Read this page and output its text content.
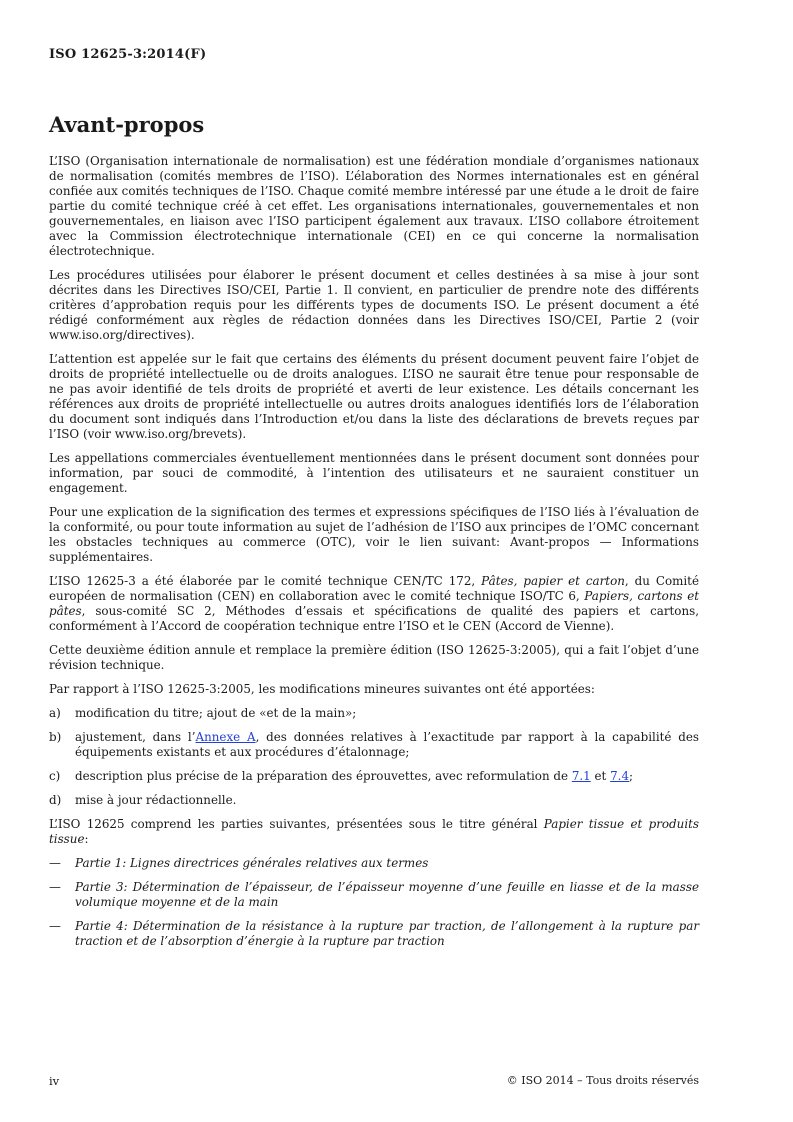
ISO 12625-3:2014(F)
Avant-propos

L’ISO (Organisation internationale de normalisation) est une fédération mondiale d’organismes nationaux de normalisation (comités membres de l’ISO). L’élaboration des Normes internationales est en général confiée aux comités techniques de l’ISO. Chaque comité membre intéressé par une étude a le droit de faire partie du comité technique créé à cet effet. Les organisations internationales, gouvernementales et non gouvernementales, en liaison avec l’ISO participent également aux travaux. L’ISO collabore étroitement avec la Commission électrotechnique internationale (CEI) en ce qui concerne la normalisation électrotechnique.

Les procédures utilisées pour élaborer le présent document et celles destinées à sa mise à jour sont décrites dans les Directives ISO/CEI, Partie 1. Il convient, en particulier de prendre note des différents critères d’approbation requis pour les différents types de documents ISO. Le présent document a été rédigé conformément aux règles de rédaction données dans les Directives ISO/CEI, Partie 2 (voir www.iso.org/directives).

L’attention est appelée sur le fait que certains des éléments du présent document peuvent faire l’objet de droits de propriété intellectuelle ou de droits analogues. L’ISO ne saurait être tenue pour responsable de ne pas avoir identifié de tels droits de propriété et averti de leur existence. Les détails concernant les références aux droits de propriété intellectuelle ou autres droits analogues identifiés lors de l’élaboration du document sont indiqués dans l’Introduction et/ou dans la liste des déclarations de brevets reçues par l’ISO (voir www.iso.org/brevets).

Les appellations commerciales éventuellement mentionnées dans le présent document sont données pour information, par souci de commodité, à l’intention des utilisateurs et ne sauraient constituer un engagement.

Pour une explication de la signification des termes et expressions spécifiques de l’ISO liés à l’évaluation de la conformité, ou pour toute information au sujet de l’adhésion de l’ISO aux principes de l’OMC concernant les obstacles techniques au commerce (OTC), voir le lien suivant: Avant-propos — Informations supplémentaires.

L’ISO 12625-3 a été élaborée par le comité technique CEN/TC 172, Pâtes, papier et carton, du Comité européen de normalisation (CEN) en collaboration avec le comité technique ISO/TC 6, Papiers, cartons et pâtes, sous-comité SC 2, Méthodes d’essais et spécifications de qualité des papiers et cartons, conformément à l’Accord de coopération technique entre l’ISO et le CEN (Accord de Vienne).

Cette deuxième édition annule et remplace la première édition (ISO 12625-3:2005), qui a fait l’objet d’une révision technique.

Par rapport à l’ISO 12625-3:2005, les modifications mineures suivantes ont été apportées:

a)	modification du titre; ajout de «et de la main»;
b)	ajustement, dans l’Annexe A, des données relatives à l’exactitude par rapport à la capabilité des équipements existants et aux procédures d’étalonnage;
c)	description plus précise de la préparation des éprouvettes, avec reformulation de 7.1 et 7.4;
d)	mise à jour rédactionnelle.

L’ISO 12625 comprend les parties suivantes, présentées sous le titre général Papier tissue et produits tissue:

—	Partie 1: Lignes directrices générales relatives aux termes
—	Partie 3: Détermination de l’épaisseur, de l’épaisseur moyenne d’une feuille en liasse et de la masse volumique moyenne et de la main
—	Partie 4: Détermination de la résistance à la rupture par traction, de l’allongement à la rupture par traction et de l’absorption d’énergie à la rupture par traction
iv	© ISO 2014 – Tous droits réservés
